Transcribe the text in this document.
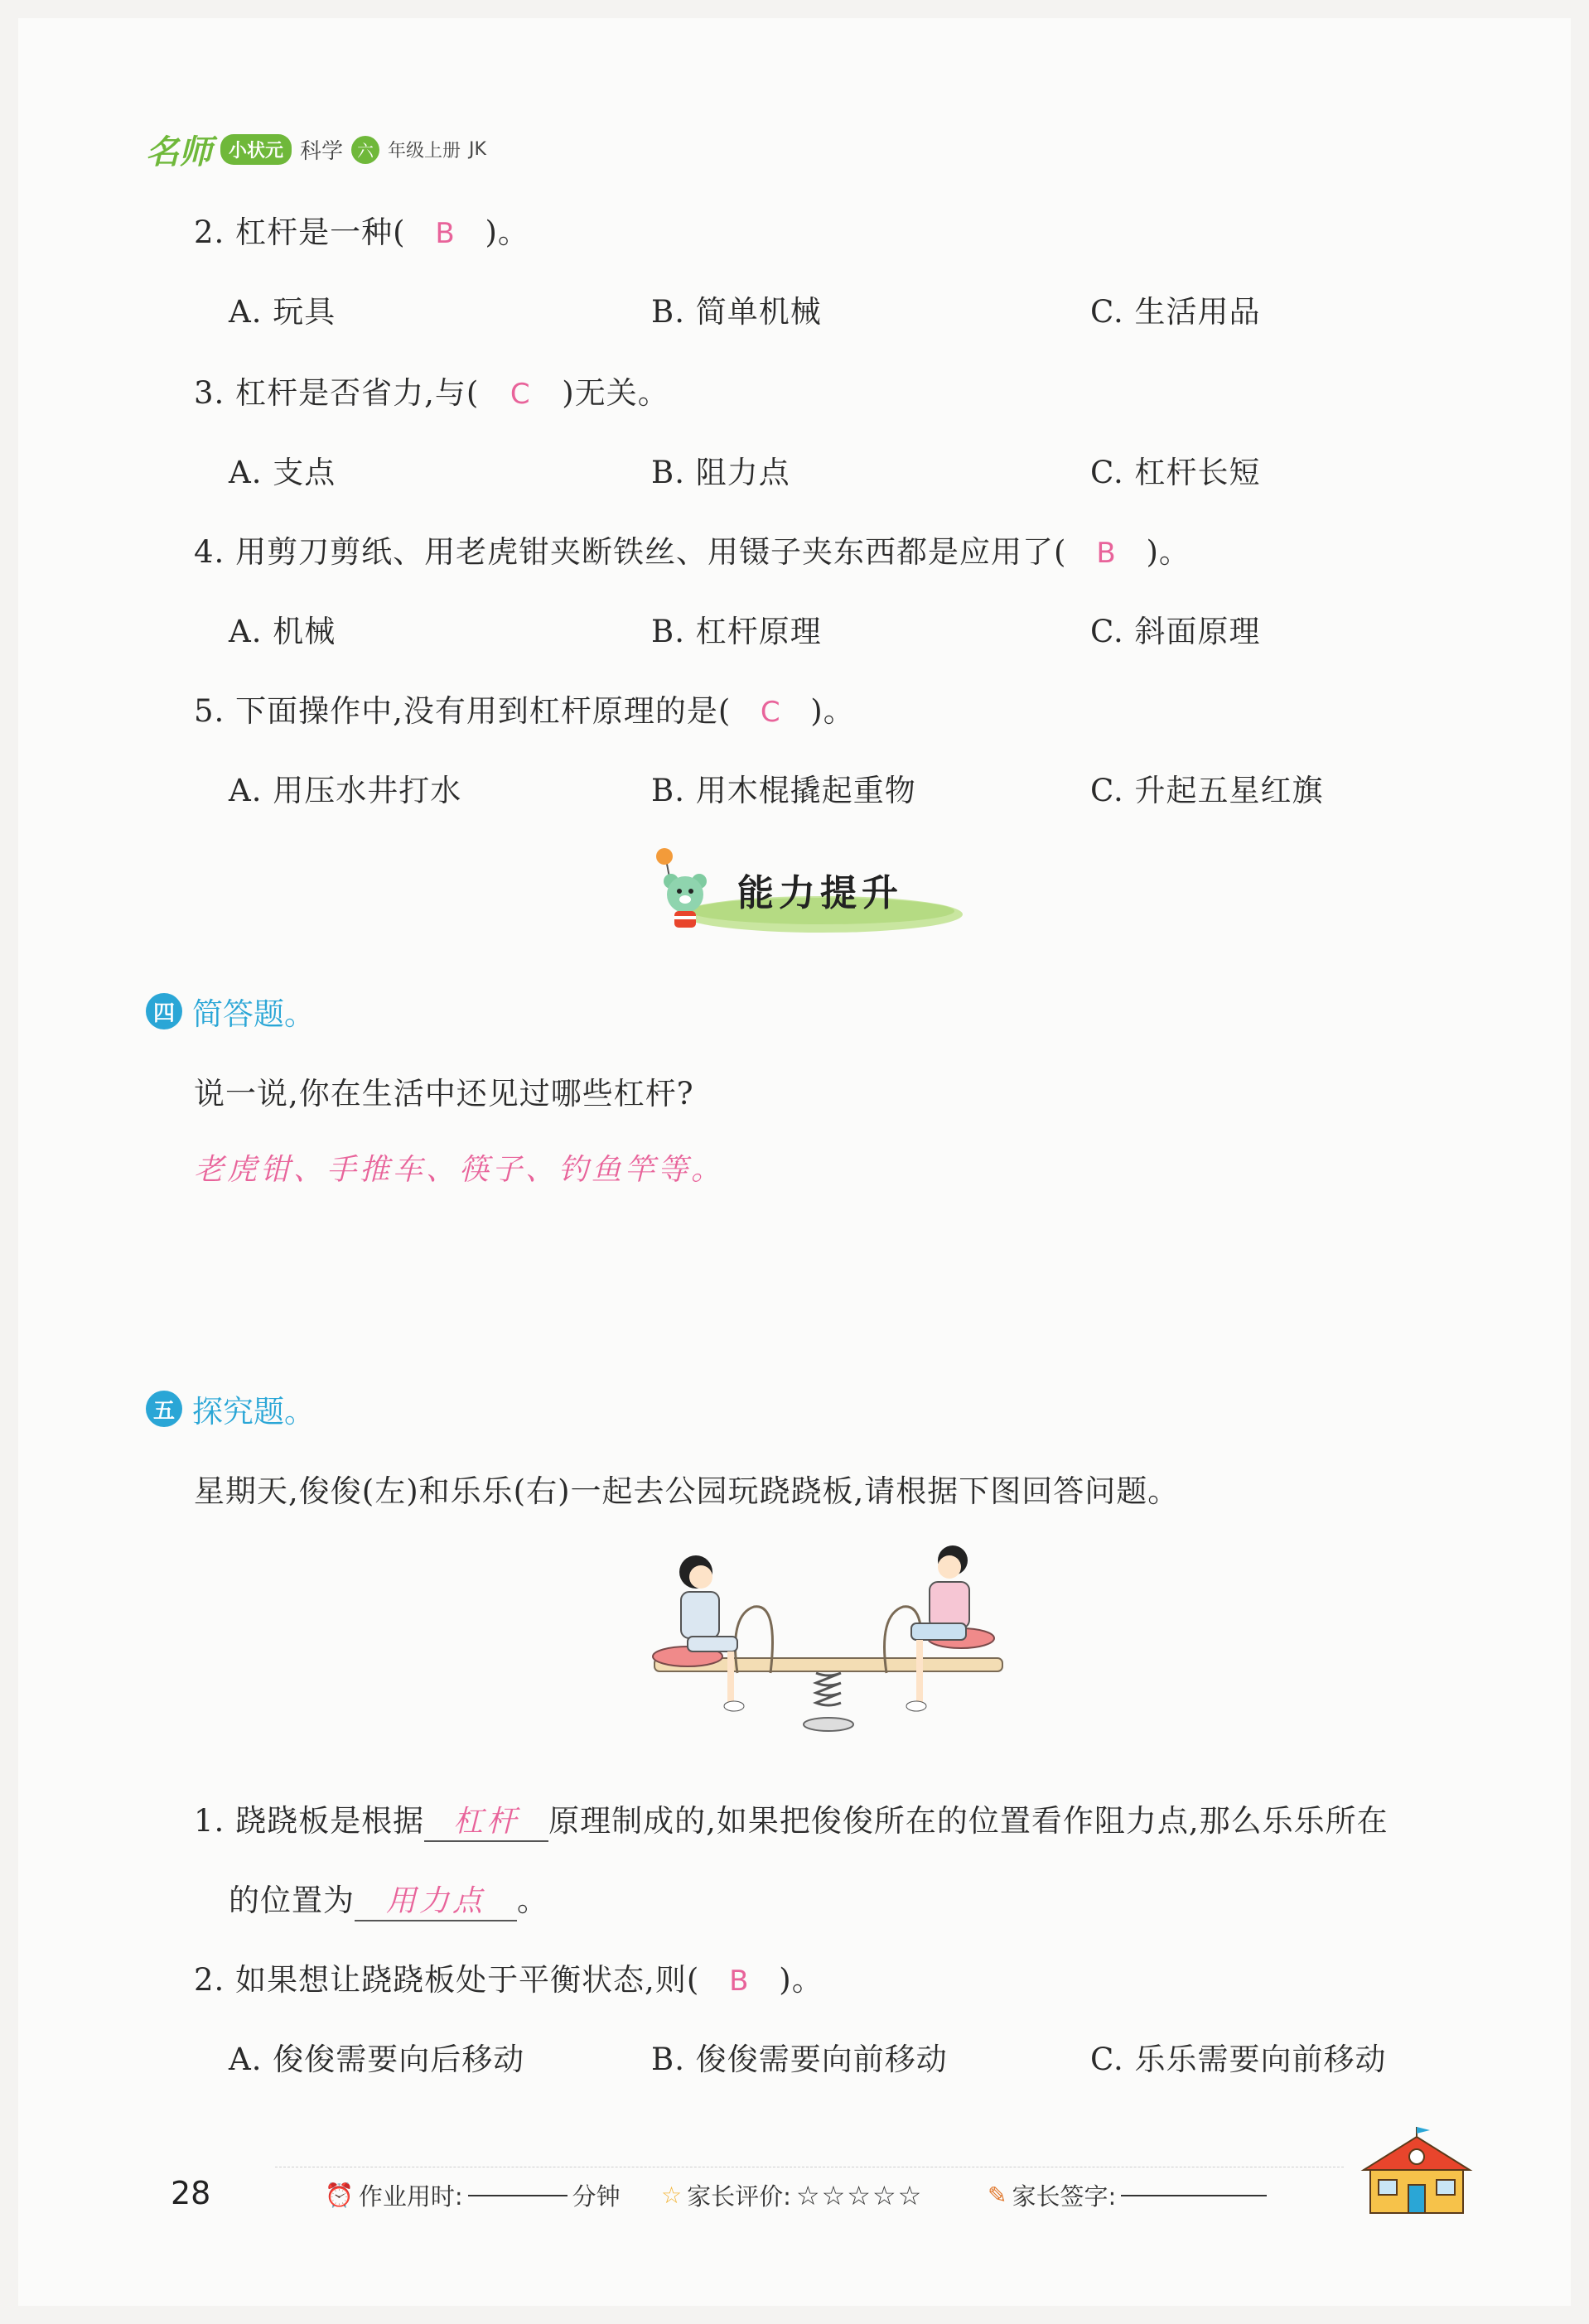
名师 小状元 科学 六 年级上册 JK
2. 杠杆是一种( B )。
A. 玩具	B. 简单机械	C. 生活用品
3. 杠杆是否省力,与( C )无关。
A. 支点	B. 阻力点	C. 杠杆长短
4. 用剪刀剪纸、用老虎钳夹断铁丝、用镊子夹东西都是应用了( B )。
A. 机械	B. 杠杆原理	C. 斜面原理
5. 下面操作中,没有用到杠杆原理的是( C )。
A. 用压水井打水	B. 用木棍撬起重物	C. 升起五星红旗
能力提升
四 简答题。
说一说,你在生活中还见过哪些杠杆?
老虎钳、手推车、筷子、钓鱼竿等。
五 探究题。
星期天,俊俊(左)和乐乐(右)一起去公园玩跷跷板,请根据下图回答问题。
1. 跷跷板是根据 杠杆 原理制成的,如果把俊俊所在的位置看作阻力点,那么乐乐所在
的位置为 用力点 。
2. 如果想让跷跷板处于平衡状态,则( B )。
A. 俊俊需要向后移动	B. 俊俊需要向前移动	C. 乐乐需要向前移动
28	⏰ 作业用时:	分钟 ☆ 家长评价: ☆☆☆☆☆	✎ 家长签字:
